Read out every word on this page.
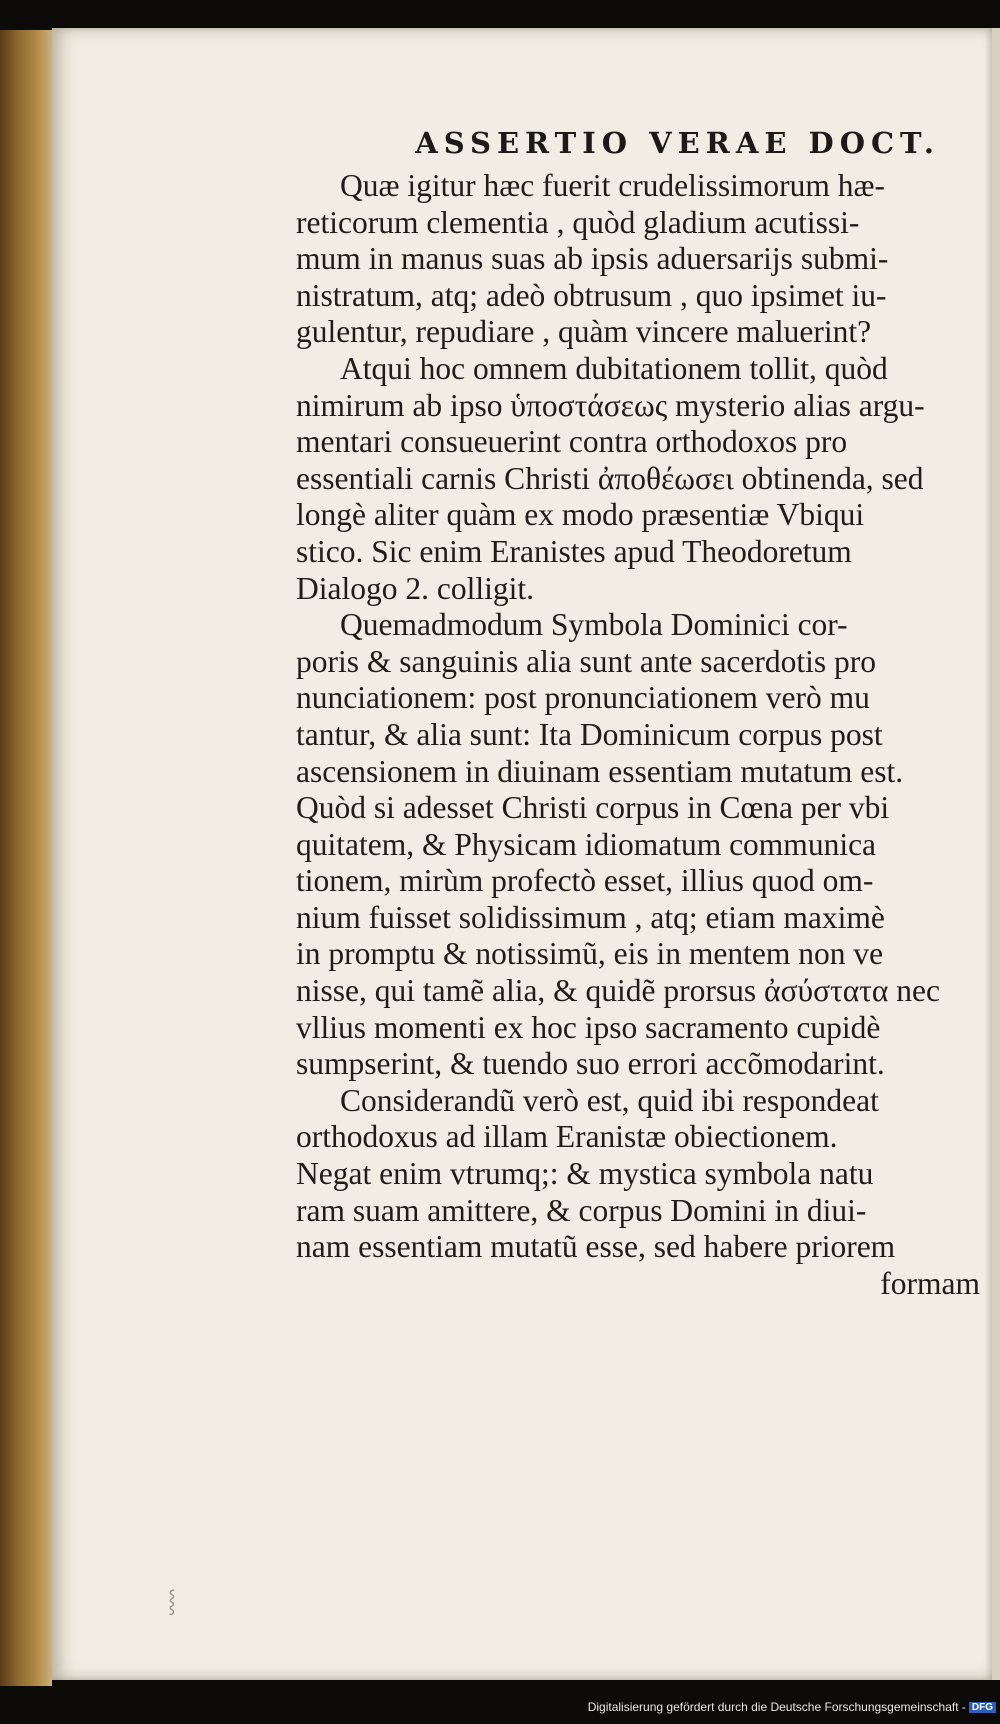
ASSERTIO VERAE DOCT.
Quæ igitur hæc fuerit crudelissimorum hæ-
reticorum clementia , quòd gladium acutissi-
mum in manus suas ab ipsis aduersarijs submi-
nistratum, atq; adeò obtrusum , quo ipsimet iu-
gulentur, repudiare , quàm vincere maluerint?
Atqui hoc omnem dubitationem tollit, quòd
nimirum ab ipso ὑποστάσεως mysterio alias argu-
mentari consueuerint contra orthodoxos pro
essentiali carnis Christi ἀποθέωσει obtinenda, sed
longè aliter quàm ex modo præsentiæ Vbiqui
stico. Sic enim Eranistes apud Theodoretum
Dialogo 2. colligit.
Quemadmodum Symbola Dominici cor-
poris & sanguinis alia sunt ante sacerdotis pro
nunciationem: post pronunciationem verò mu
tantur, & alia sunt: Ita Dominicum corpus post
ascensionem in diuinam essentiam mutatum est.
Quòd si adesset Christi corpus in Cœna per vbi
quitatem, & Physicam idiomatum communica
tionem, mirùm profectò esset, illius quod om-
nium fuisset solidissimum , atq; etiam maximè
in promptu & notissimũ, eis in mentem non ve
nisse, qui tamẽ alia, & quidẽ prorsus ἀσύστατα nec
vllius momenti ex hoc ipso sacramento cupidè
sumpserint, & tuendo suo errori accõmodarint.
Considerandũ verò est, quid ibi respondeat
orthodoxus ad illam Eranistæ obiectionem.
Negat enim vtrumq;: & mystica symbola natu
ram suam amittere, & corpus Domini in diui-
nam essentiam mutatũ esse, sed habere priorem
formam
⸾
Digitalisierung gefördert durch die Deutsche Forschungsgemeinschaft - DFG
